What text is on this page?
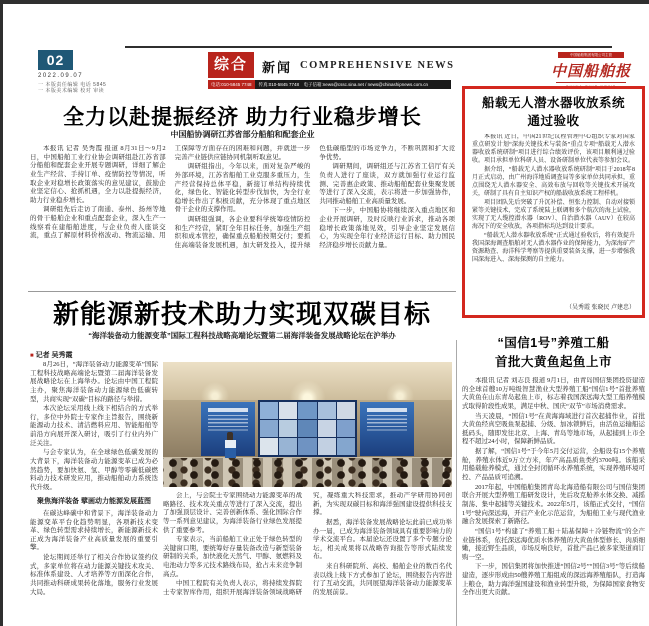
02
2022.09.07
一 本版责任编辑 电话 5845
一 本版美术编辑 校对 审读
综合	新闻 COMPREHENSIVE NEWS
电话:010-5845 7748	传真:010-5845 7748　电子信箱:news@cssc.sina.net / news@chinashipnews.com.cn
中国船舶集团有限公司主管
中国船舶报
CHINA SHIP NEWS
全力以赴提振经济 助力行业稳步增长
中国船协调研江苏省部分船舶和配套企业

本报讯 记者 吴秀霞 报道 8月31日～9月2日，中国船舶工业行业协会调研组赴江苏省部分船舶和配套企业开展专题调研，详细了解企业生产经营、手持订单、疫情防控等情况，听取企业对稳增长政策落实的意见建议，鼓励企业坚定信心、抢抓机遇，全力以赴提振经济，助力行业稳步增长。

调研组先后走访了南通、泰州、扬州等地的骨干船舶企业和重点配套企业，深入生产一线察看在建船舶进度，与企业负责人座谈交流，重点了解原材料价格波动、物流运输、用工保障等方面存在的困难和问题，并就进一步完善产业链供应链协同机制听取意见。

调研组指出，今年以来，面对复杂严峻的外部环境，江苏省船舶工业克服多重压力，生产经营保持总体平稳，新接订单结构持续优化，绿色化、智能化转型步伐加快，为全行业稳增长作出了积极贡献，充分体现了重点地区骨干企业的支撑作用。

调研组强调，各企业要科学统筹疫情防控和生产经营，紧盯全年目标任务，加强生产组织和成本管控，确保重点船舶按期交付；要抓住高端装备发展机遇，加大研发投入，提升绿色低碳船型的市场竞争力，不断巩固和扩大竞争优势。

调研期间，调研组还与江苏省工信厅有关负责人进行了座谈，双方就加强行业运行监测、完善惠企政策、推动船舶配套业集聚发展等进行了深入交流，表示将进一步加强协作，共同推动船舶工业高质量发展。

下一步，中国船协将继续深入重点地区和企业开展调研，及时反映行业诉求，推动各项稳增长政策落地见效，引导企业坚定发展信心，为实现全年行业经济运行目标、助力国民经济稳步增长贡献力量。

新能源新技术助力实现双碳目标
“海洋装备动力能源变革”国际工程科技战略高端论坛暨第二届海洋装备发展战略论坛在沪举办
■ 记者 吴秀霞

8月26日，“海洋装备动力能源变革”国际工程科技战略高端论坛暨第二届海洋装备发展战略论坛在上海举办。论坛由中国工程院主办，聚焦海洋装备动力能源绿色低碳转型，共商实现“双碳”目标的路径与举措。

本次论坛采用线上线下相结合的方式举行，多位中外院士专家作主旨报告，围绕新能源动力技术、清洁燃料应用、智能船舶等前沿方向展开深入研讨，吸引了行业内外广泛关注。

与会专家认为，在全球绿色低碳发展的大背景下，海洋装备动力能源变革已成为必然趋势，要加快氨、氢、甲醇等零碳低碳燃料动力技术研发应用，推动船舶动力系统迭代升级。

聚焦海洋装备 擘画动力能源发展蓝图

在碳达峰碳中和背景下，海洋装备动力能源变革平台化趋势明显，各项新技术变革、绿色转型需求持续增长，新能源新技术正成为海洋装备产业高质量发展的重要引擎。

论坛期间还举行了相关合作协议签约仪式，多家单位将在动力能源关键技术攻关、标准体系建设、人才培养等方面深化合作，共同推动科研成果转化落地，服务行业发展大局。

会上，与会院士专家围绕动力能源变革的战略路径、技术攻关重点等进行了深入交流，提出了加强顶层设计、完善创新体系、强化国际合作等一系列意见建议，为海洋装备行业绿色发展提供了重要参考。

专家表示，当前船舶工业正处于绿色转型的关键窗口期，要统筹好存量装备改造与新型装备研制的关系，加快液化天然气、甲醇、氨燃料及电池动力等多元技术路线布局，抢占未来竞争制高点。

中国工程院有关负责人表示，将持续发挥院士专家智库作用，组织开展海洋装备领域战略研究，凝练重大科技需求，推动产学研用协同创新，为实现双碳目标和海洋强国建设提供科技支撑。

据悉，海洋装备发展战略论坛此前已成功举办一届，已成为海洋装备领域具有重要影响力的学术交流平台。本届论坛还设置了多个专题分论坛，相关成果将以战略咨询报告等形式陆续发布。

来自科研院所、高校、船舶企业的数百名代表以线上线下方式参加了论坛，围绕报告内容进行了互动交流，共同展望海洋装备动力能源变革的发展前景。

船载无人潜水器收放系统
通过验收

本报讯 近日，中国21世纪议程管理中心组织专家对国家重点研发计划“深海关键技术与装备”重点专项“船载无人潜水器收放系统研制”项目进行综合绩效评价，该项目顺利通过验收。项目承担单位科研人员、设备研制单位代表等参加会议。

据介绍，“船载无人潜水器收放系统研制”项目于2018年8月正式启动，由广州海洋地质调查局等多家单位共同承担，重点围绕无人潜水器安全、高效布放与回收等关键技术开展攻关，研制了具有自主知识产权的船载收放系统工程样机。

项目团队先后突破了升沉补偿、恒张力控制、自动对接锁紧等关键技术，完成了系统陆上联调和多个航次的海上试验，实现了无人缆控潜水器（ROV）、自治潜水器（AUV）在较高海况下的安全收放，各项指标均达到设计要求。

“船载无人潜水器收放系统”正式通过验收后，将有效提升我国深海调查船舶对无人潜水器作业的保障能力，为深海矿产资源勘查、海洋科学考察等提供重要装备支撑，进一步增强我国深海进入、深海探测的自主能力。

（吴秀霞 张晓民 卢建忠）
“国信1号”养殖工船
首批大黄鱼起鱼上市

本报讯 记者 刘志良 报道 9月1日，由青岛国信集团投资建造的全球首艘10万吨级智慧渔业大型养殖工船“国信1号”首批养殖大黄鱼在山东青岛起鱼上市，标志着我国深远海大型工船养殖模式取得阶段性成果，满足中秋、国庆“双节”市场消费需求。

当天凌晨，“国信1号”在黄海海域进行首次起捕作业，首批大黄鱼经真空吸鱼泵起捕、分级、加冰锁鲜后，由活鱼运输船运抵码头，随即发往北京、上海、青岛等地市场，从起捕到上市全程不超过24小时，保障新鲜品质。

据了解，“国信1号”于今年5月交付运营，全船设有15个养殖舱，养殖水体近9万立方米，年产高品质鱼类约3700吨。该船采用船载舱养模式，通过全封闭循环水养殖系统，实现养殖环境可控、产品品质可追溯。

2017年起，中国船舶集团青岛北海造船有限公司与国信集团联合开展大型养殖工船研发设计，先后攻克舱养水体交换、减摇制荡、集中起捕等关键技术。2022年5月，该船正式交付，“国信1号”驶向深远海，开启产业化示范运营，为船舶工业与现代渔业融合发展探索了新路径。

“国信1号”构建了“养殖工船＋陆基保障＋冷链物流”的全产业链体系，依托深远海优质水体养殖的大黄鱼体型修长、肉质细嫩，接近野生品质，市场反响良好，首批产品已被多家渠道商订购一空。

下一步，国信集团将加快推进“国信2号”“国信3号”等后续船建造，逐步形成由50艘养殖工船组成的深远海养殖船队，打造海上粮仓，助力海洋强国建设和渔业转型升级，为保障国家食物安全作出更大贡献。
